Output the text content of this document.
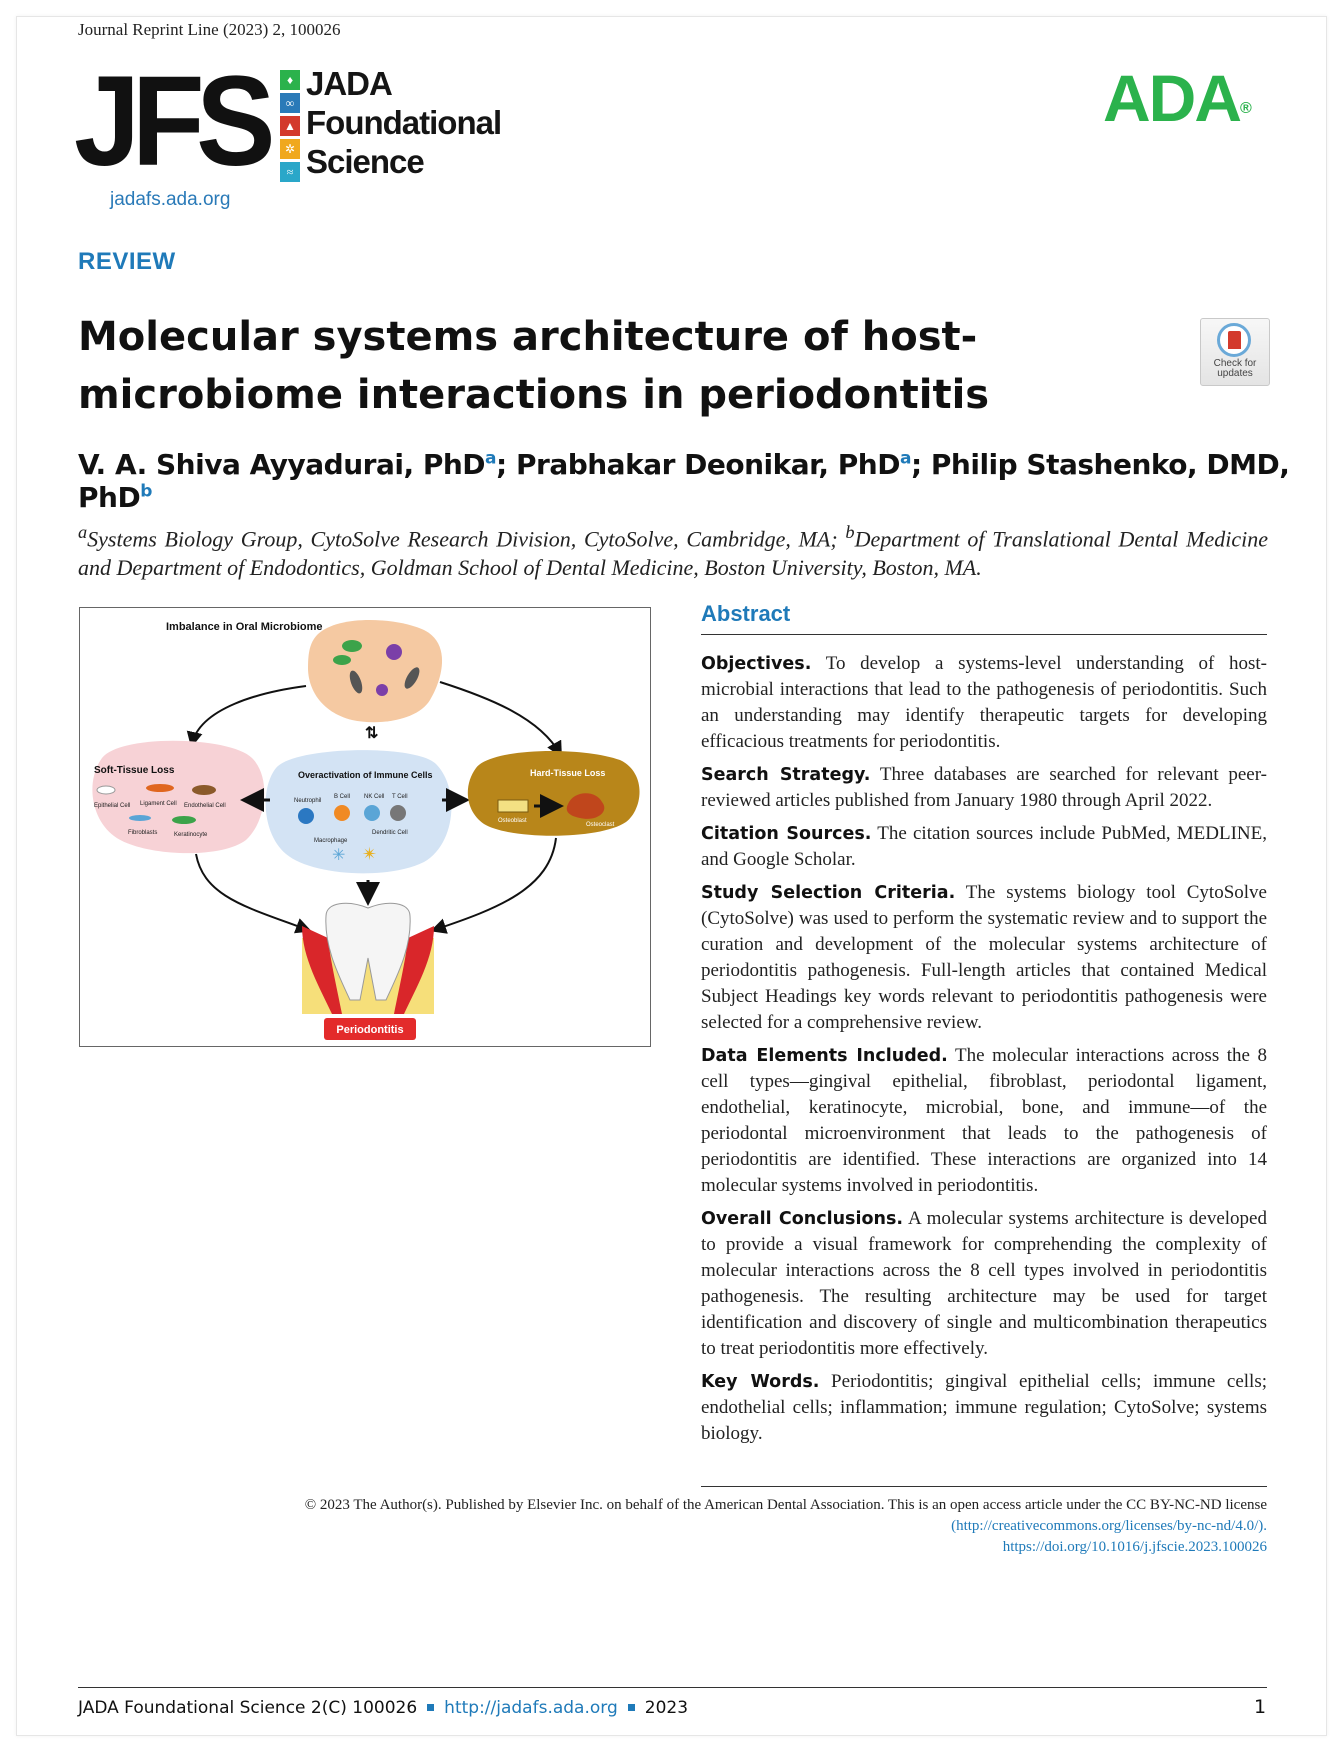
Journal Reprint Line (2023) 2, 100026
JFS	♦
∞
▲
✲
≈
JADA
Foundational
Science
jadafs.ada.org
ADA®
REVIEW
Molecular systems architecture of host-microbiome interactions in periodontitis
Check for
updates
V. A. Shiva Ayyadurai, PhD$^a$; Prabhakar Deonikar, PhD$^a$; Philip Stashenko, DMD, PhD$^b$
$^a$Systems Biology Group, CytoSolve Research Division, CytoSolve, Cambridge, MA; $^b$Department of Translational Dental Medicine and Department of Endodontics, Goldman School of Dental Medicine, Boston University, Boston, MA.
Imbalance in Oral Microbiome
⇅
Soft-Tissue Loss
Epithelial Cell Ligament Cell Endothelial Cell
Fibroblasts	Keratinocyte
Overactivation of Immune Cells
Neutrophil
B Cell NK Cell T Cell
Macrophage
Dendritic Cell
✳ ✴
Hard-Tissue Loss
Osteoblast
Osteoclast
Periodontitis
Abstract

Objectives. To develop a systems-level understanding of host-microbial interactions that lead to the pathogenesis of periodontitis. Such an understanding may identify therapeutic targets for developing efficacious treatments for periodontitis.

Search Strategy. Three databases are searched for relevant peer-reviewed articles published from January 1980 through April 2022.

Citation Sources. The citation sources include PubMed, MEDLINE, and Google Scholar.

Study Selection Criteria. The systems biology tool CytoSolve (CytoSolve) was used to perform the systematic review and to support the curation and development of the molecular systems architecture of periodontitis pathogenesis. Full-length articles that contained Medical Subject Headings key words relevant to periodontitis pathogenesis were selected for a comprehensive review.

Data Elements Included. The molecular interactions across the 8 cell types—gingival epithelial, fibroblast, periodontal ligament, endothelial, keratinocyte, microbial, bone, and immune—of the periodontal microenvironment that leads to the pathogenesis of periodontitis are identified. These interactions are organized into 14 molecular systems involved in periodontitis.

Overall Conclusions. A molecular systems architecture is developed to provide a visual framework for comprehending the complexity of molecular interactions across the 8 cell types involved in periodontitis pathogenesis. The resulting architecture may be used for target identification and discovery of single and multicombination therapeutics to treat periodontitis more effectively.

Key Words. Periodontitis; gingival epithelial cells; immune cells; endothelial cells; inflammation; immune regulation; CytoSolve; systems biology.

© 2023 The Author(s). Published by Elsevier Inc. on behalf of the American Dental Association. This is an open access article under the CC BY-NC-ND license
(http://creativecommons.org/licenses/by-nc-nd/4.0/).
https://doi.org/10.1016/j.jfscie.2023.100026
JADA Foundational Science 2(C) 100026 http://jadafs.ada.org 2023	1
